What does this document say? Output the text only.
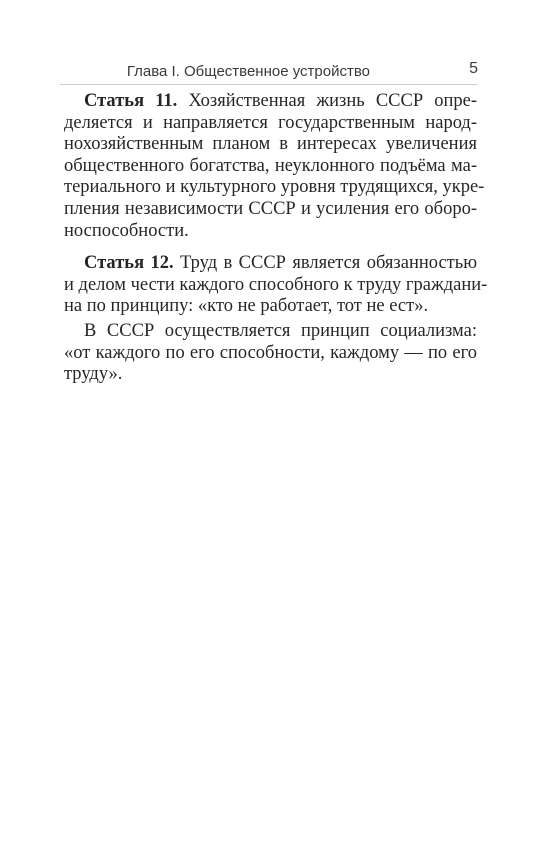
Глава I. Общественное устройство	5

Статья 11. Хозяйственная жизнь СССР опре-

деляется и направляется государственным народ-
нохозяйственным планом в интересах увеличения
общественного богатства, неуклонного подъёма ма-
териального и культурного уровня трудящихся, укре-
пления независимости СССР и усиления его оборо-
носпособности.

Статья 12. Труд в СССР является обязанностью

и делом чести каждого способного к труду граждани-
на по принципу: «кто не работает, тот не ест».

В СССР осуществляется принцип социализма:

«от каждого по его способности, каждому — по его
труду».
